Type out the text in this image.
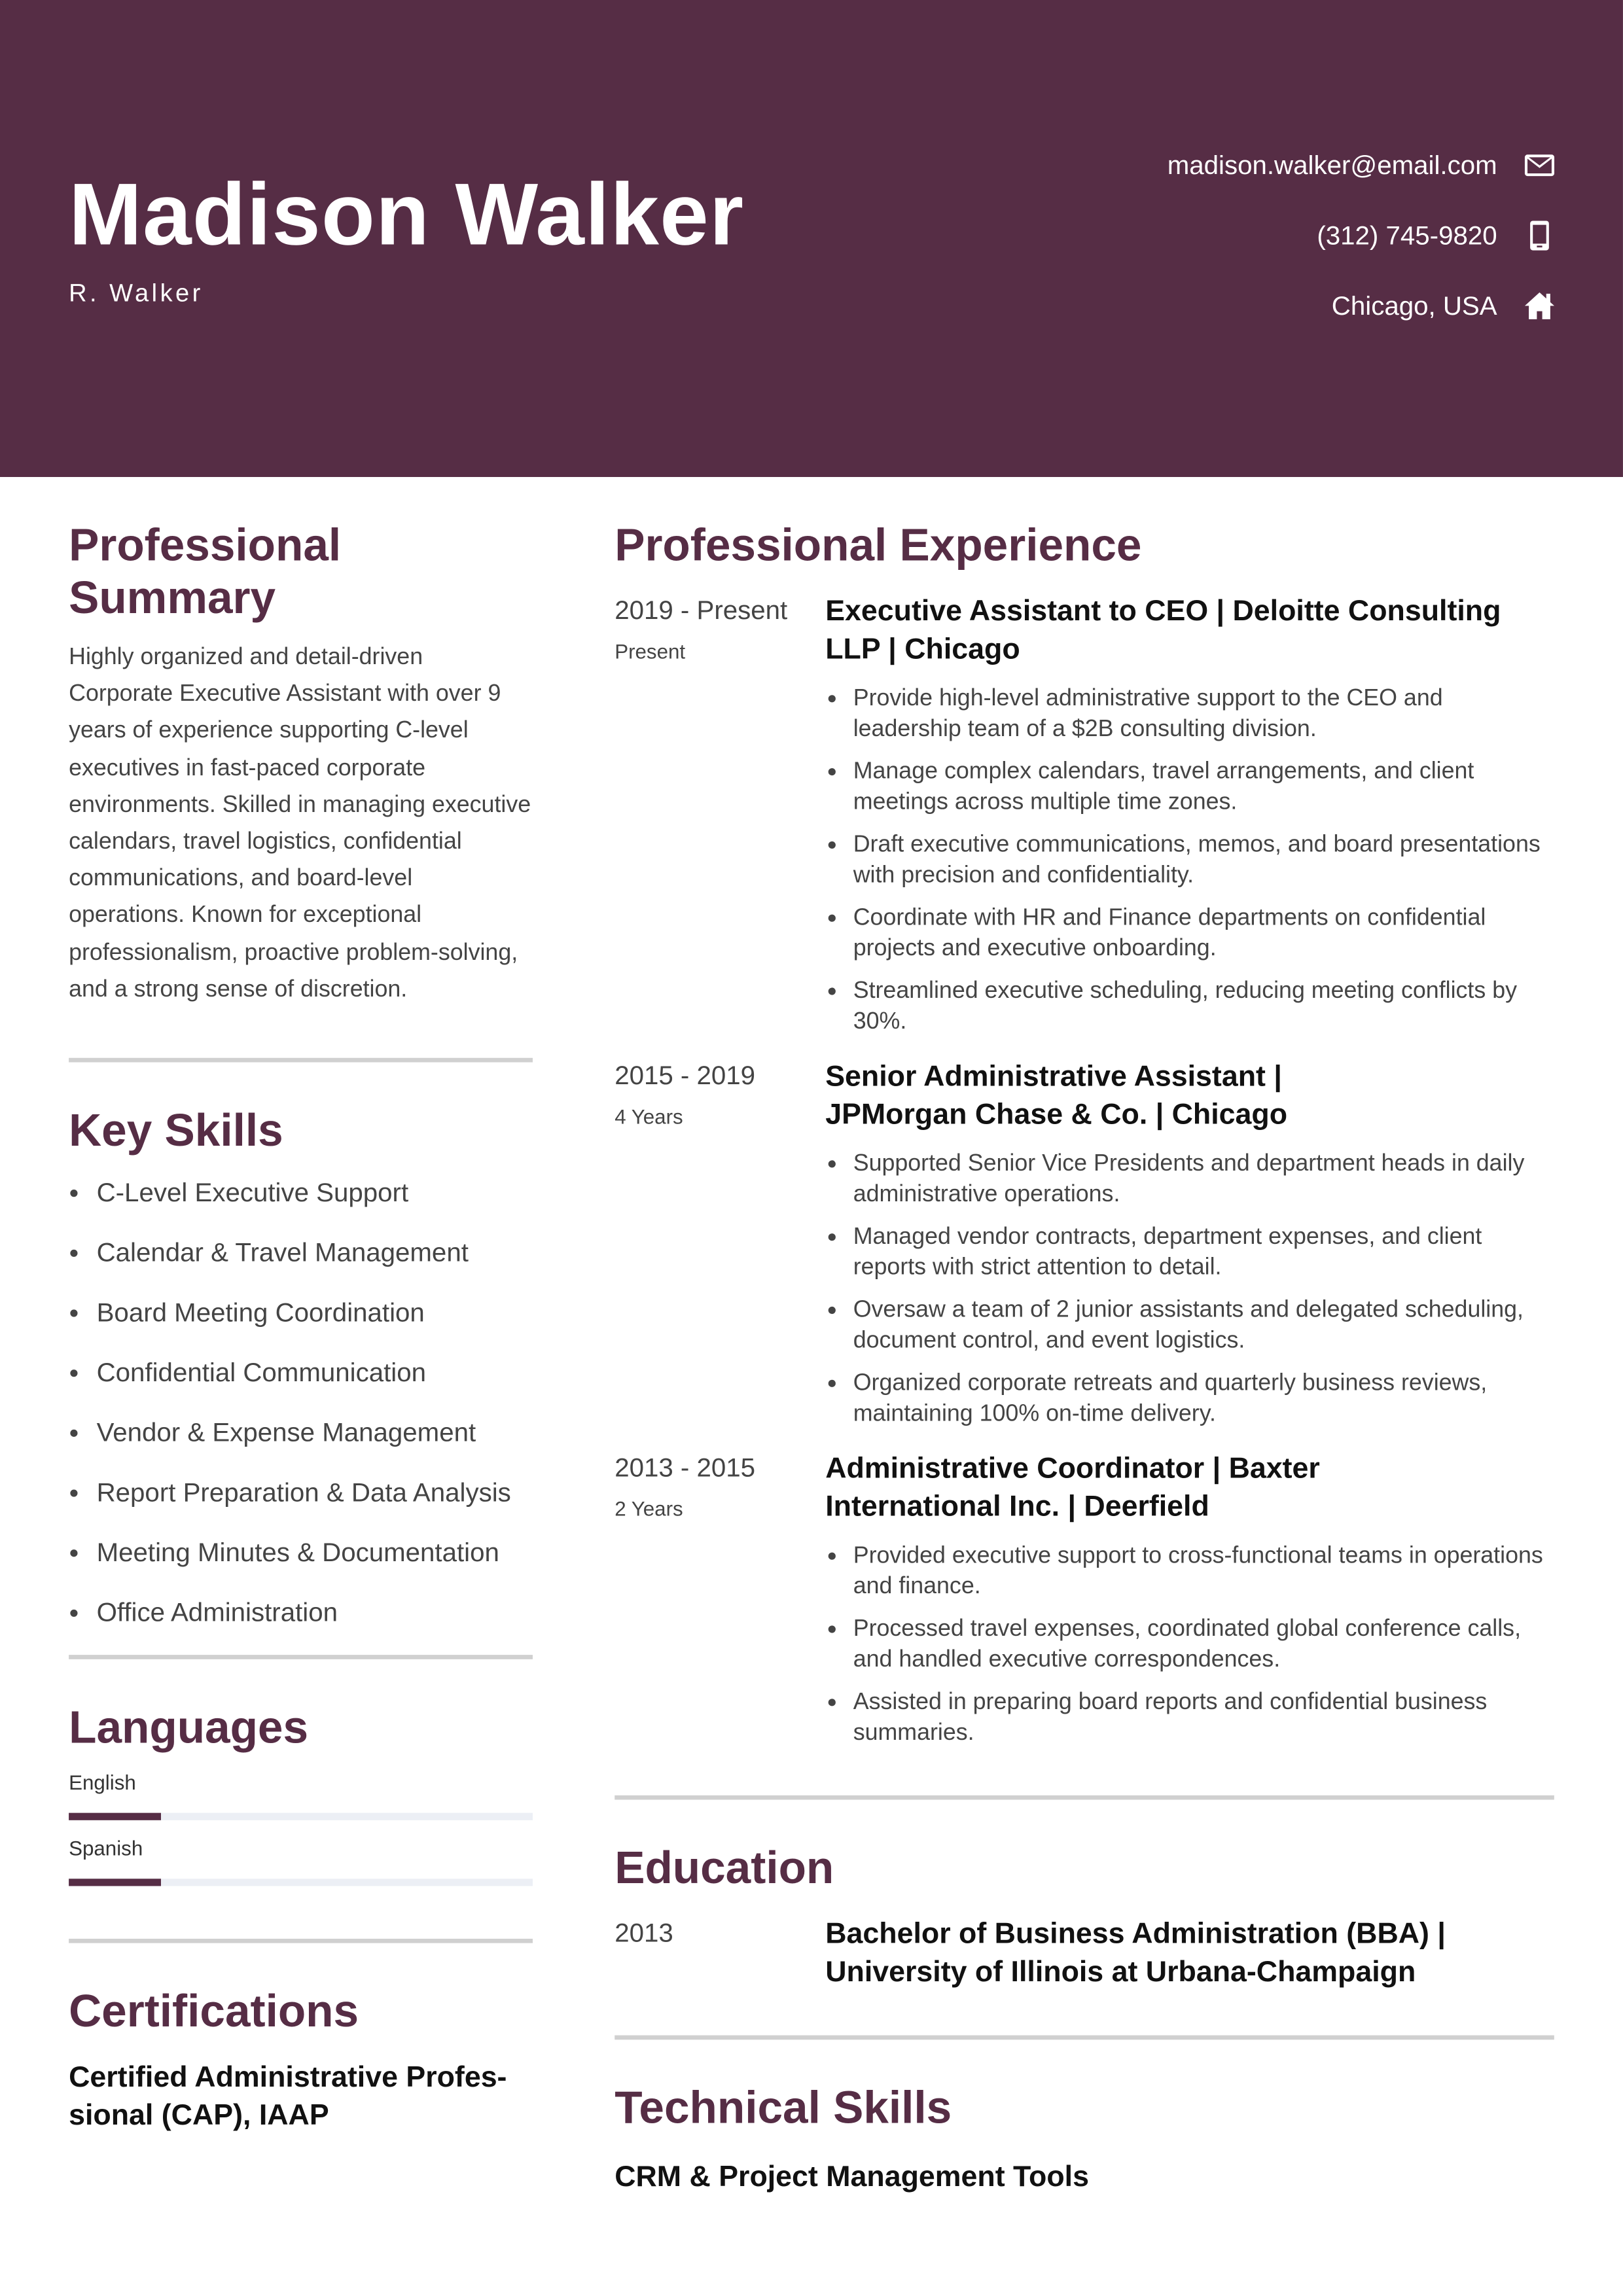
Madison Walker
R. Walker
madison.walker@email.com
(312) 745-9820
Chicago, USA
Professional Summary
Highly organized and detail-driven Corporate Executive Assistant with over 9 years of experience supporting C-level executives in fast-paced corporate environments. Skilled in managing executive calendars, travel logistics, confidential communications, and board-level operations. Known for exceptional professionalism, proactive problem-solving, and a strong sense of discretion.
Key Skills
C-Level Executive Support
Calendar & Travel Management
Board Meeting Coordination
Confidential Communication
Vendor & Expense Management
Report Preparation & Data Analysis
Meeting Minutes & Documentation
Office Administration
Languages
English
Spanish
Certifications
Certified Administrative Profes-sional (CAP), IAAP
Professional Experience
2019 - Present
Present
Executive Assistant to CEO | Deloitte Consulting LLP | Chicago
Provide high-level administrative support to the CEO and leadership team of a $2B consulting division.
Manage complex calendars, travel arrangements, and client meetings across multiple time zones.
Draft executive communications, memos, and board presentations with precision and confidentiality.
Coordinate with HR and Finance departments on confidential projects and executive onboarding.
Streamlined executive scheduling, reducing meeting conflicts by 30%.
2015 - 2019
4 Years
Senior Administrative Assistant | JPMorgan Chase & Co. | Chicago
Supported Senior Vice Presidents and department heads in daily administrative operations.
Managed vendor contracts, department expenses, and client reports with strict attention to detail.
Oversaw a team of 2 junior assistants and delegated scheduling, document control, and event logistics.
Organized corporate retreats and quarterly business reviews, maintaining 100% on-time delivery.
2013 - 2015
2 Years
Administrative Coordinator | Baxter International Inc. | Deerfield
Provided executive support to cross-functional teams in operations and finance.
Processed travel expenses, coordinated global conference calls, and handled executive correspondences.
Assisted in preparing board reports and confidential business summaries.
Education
2013	Bachelor of Business Administration (BBA) | University of Illinois at Urbana-Champaign
Technical Skills
CRM & Project Management Tools
